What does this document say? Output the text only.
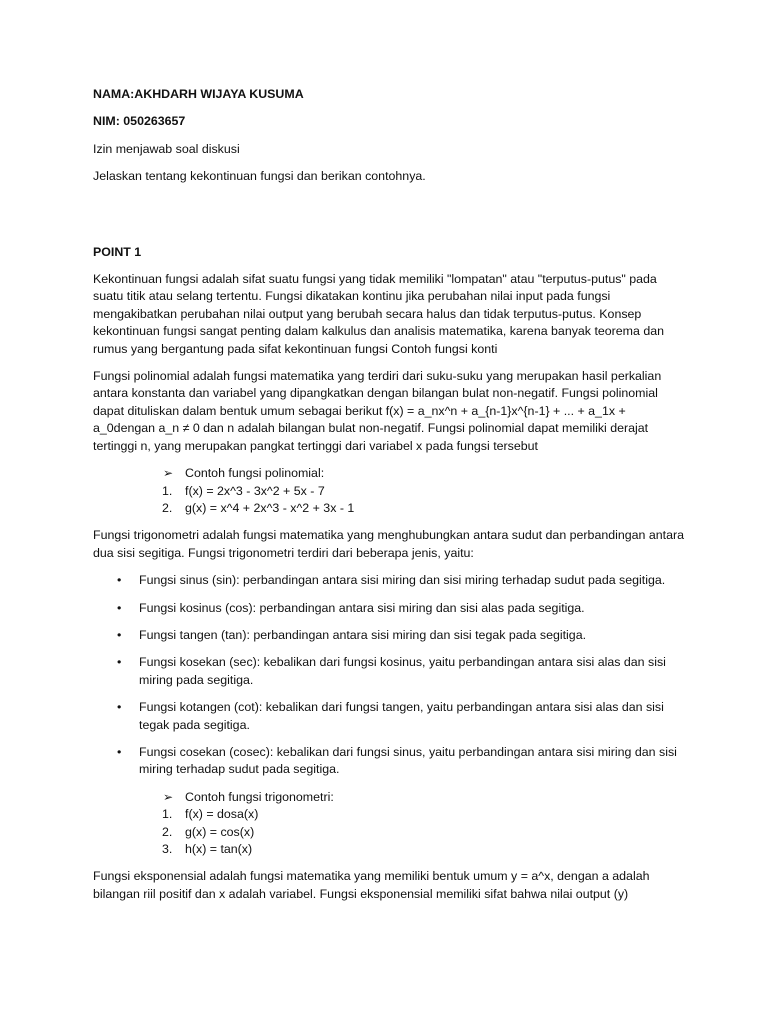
NAMA:AKHDARH WIJAYA KUSUMA
NIM: 050263657
Izin menjawab soal diskusi
Jelaskan tentang kekontinuan fungsi dan berikan contohnya.
POINT 1
Kekontinuan fungsi adalah sifat suatu fungsi yang tidak memiliki "lompatan" atau "terputus-putus" pada suatu titik atau selang tertentu. Fungsi dikatakan kontinu jika perubahan nilai input pada fungsi mengakibatkan perubahan nilai output yang berubah secara halus dan tidak terputus-putus. Konsep kekontinuan fungsi sangat penting dalam kalkulus dan analisis matematika, karena banyak teorema dan rumus yang bergantung pada sifat kekontinuan fungsi Contoh fungsi konti
Fungsi polinomial adalah fungsi matematika yang terdiri dari suku-suku yang merupakan hasil perkalian antara konstanta dan variabel yang dipangkatkan dengan bilangan bulat non-negatif. Fungsi polinomial dapat dituliskan dalam bentuk umum sebagai berikut f(x) = a_nx^n + a_{n-1}x^{n-1} + ... + a_1x + a_0dengan a_n ≠ 0 dan n adalah bilangan bulat non-negatif. Fungsi polinomial dapat memiliki derajat tertinggi n, yang merupakan pangkat tertinggi dari variabel x pada fungsi tersebut
➢ Contoh fungsi polinomial:
1. f(x) = 2x^3 - 3x^2 + 5x - 7
2. g(x) = x^4 + 2x^3 - x^2 + 3x - 1
Fungsi trigonometri adalah fungsi matematika yang menghubungkan antara sudut dan perbandingan antara dua sisi segitiga. Fungsi trigonometri terdiri dari beberapa jenis, yaitu:
• Fungsi sinus (sin): perbandingan antara sisi miring dan sisi miring terhadap sudut pada segitiga.
• Fungsi kosinus (cos): perbandingan antara sisi miring dan sisi alas pada segitiga.
• Fungsi tangen (tan): perbandingan antara sisi miring dan sisi tegak pada segitiga.
• Fungsi kosekan (sec): kebalikan dari fungsi kosinus, yaitu perbandingan antara sisi alas dan sisi miring pada segitiga.
• Fungsi kotangen (cot): kebalikan dari fungsi tangen, yaitu perbandingan antara sisi alas dan sisi tegak pada segitiga.
• Fungsi cosekan (cosec): kebalikan dari fungsi sinus, yaitu perbandingan antara sisi miring dan sisi miring terhadap sudut pada segitiga.
➢ Contoh fungsi trigonometri:
1. f(x) = dosa(x)
2. g(x) = cos(x)
3. h(x) = tan(x)
Fungsi eksponensial adalah fungsi matematika yang memiliki bentuk umum y = a^x, dengan a adalah bilangan riil positif dan x adalah variabel. Fungsi eksponensial memiliki sifat bahwa nilai output (y)
